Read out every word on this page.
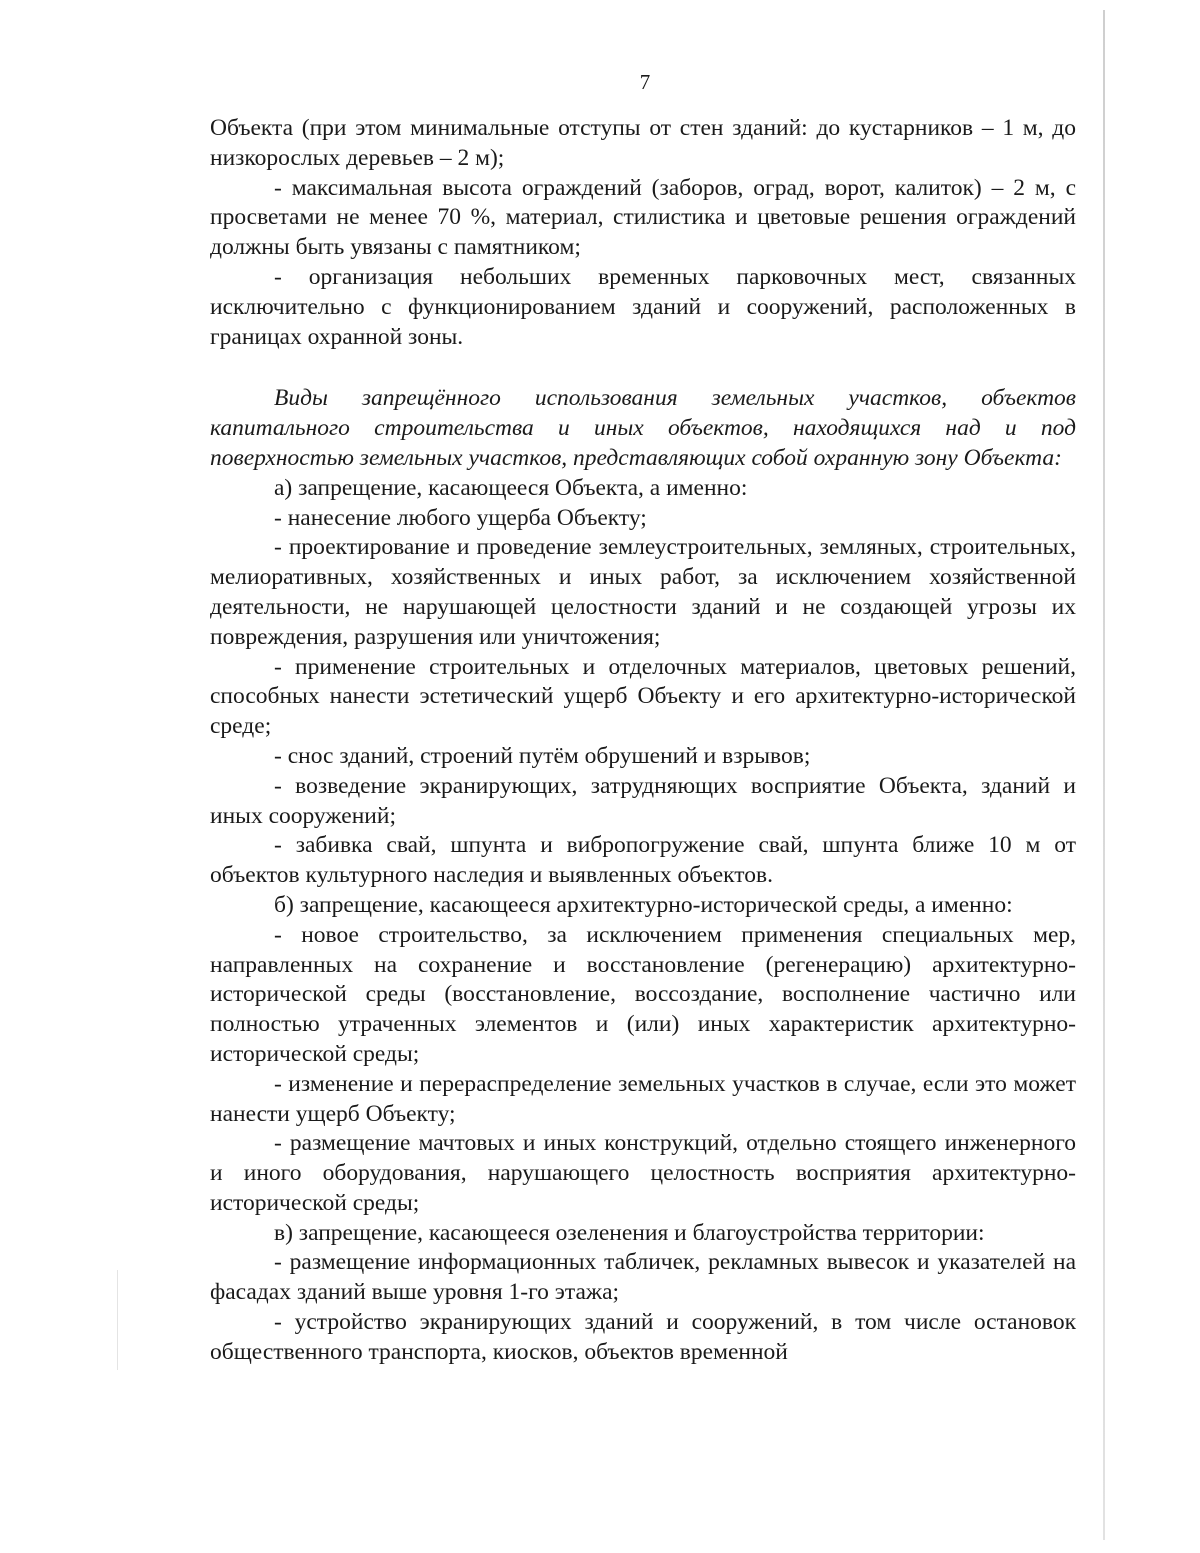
7

Объекта (при этом минимальные отступы от стен зданий: до кустарников – 1 м, до низкорослых деревьев – 2 м);

- максимальная высота ограждений (заборов, оград, ворот, калиток) – 2 м, с просветами не менее 70 %, материал, стилистика и цветовые решения ограждений должны быть увязаны с памятником;

- организация небольших временных парковочных мест, связанных исключительно с функционированием зданий и сооружений, расположенных в границах охранной зоны.

Виды запрещённого использования земельных участков, объектов капитального строительства и иных объектов, находящихся над и под поверхностью земельных участков, представляющих собой охранную зону Объекта:

а) запрещение, касающееся Объекта, а именно:

- нанесение любого ущерба Объекту;

- проектирование и проведение землеустроительных, земляных, строительных, мелиоративных, хозяйственных и иных работ, за исключением хозяйственной деятельности, не нарушающей целостности зданий и не создающей угрозы их повреждения, разрушения или уничтожения;

- применение строительных и отделочных материалов, цветовых решений, способных нанести эстетический ущерб Объекту и его архитектурно-исторической среде;

- снос зданий, строений путём обрушений и взрывов;

- возведение экранирующих, затрудняющих восприятие Объекта, зданий и иных сооружений;

- забивка свай, шпунта и вибропогружение свай, шпунта ближе 10 м от объектов культурного наследия и выявленных объектов.

б) запрещение, касающееся архитектурно-исторической среды, а именно:

- новое строительство, за исключением применения специальных мер, направленных на сохранение и восстановление (регенерацию) архитектурно-исторической среды (восстановление, воссоздание, восполнение частично или полностью утраченных элементов и (или) иных характеристик архитектурно-исторической среды;

- изменение и перераспределение земельных участков в случае, если это может нанести ущерб Объекту;

- размещение мачтовых и иных конструкций, отдельно стоящего инженерного и иного оборудования, нарушающего целостность восприятия архитектурно-исторической среды;

в) запрещение, касающееся озеленения и благоустройства территории:

- размещение информационных табличек, рекламных вывесок и указателей на фасадах зданий выше уровня 1-го этажа;

- устройство экранирующих зданий и сооружений, в том числе остановок общественного транспорта, киосков, объектов временной
